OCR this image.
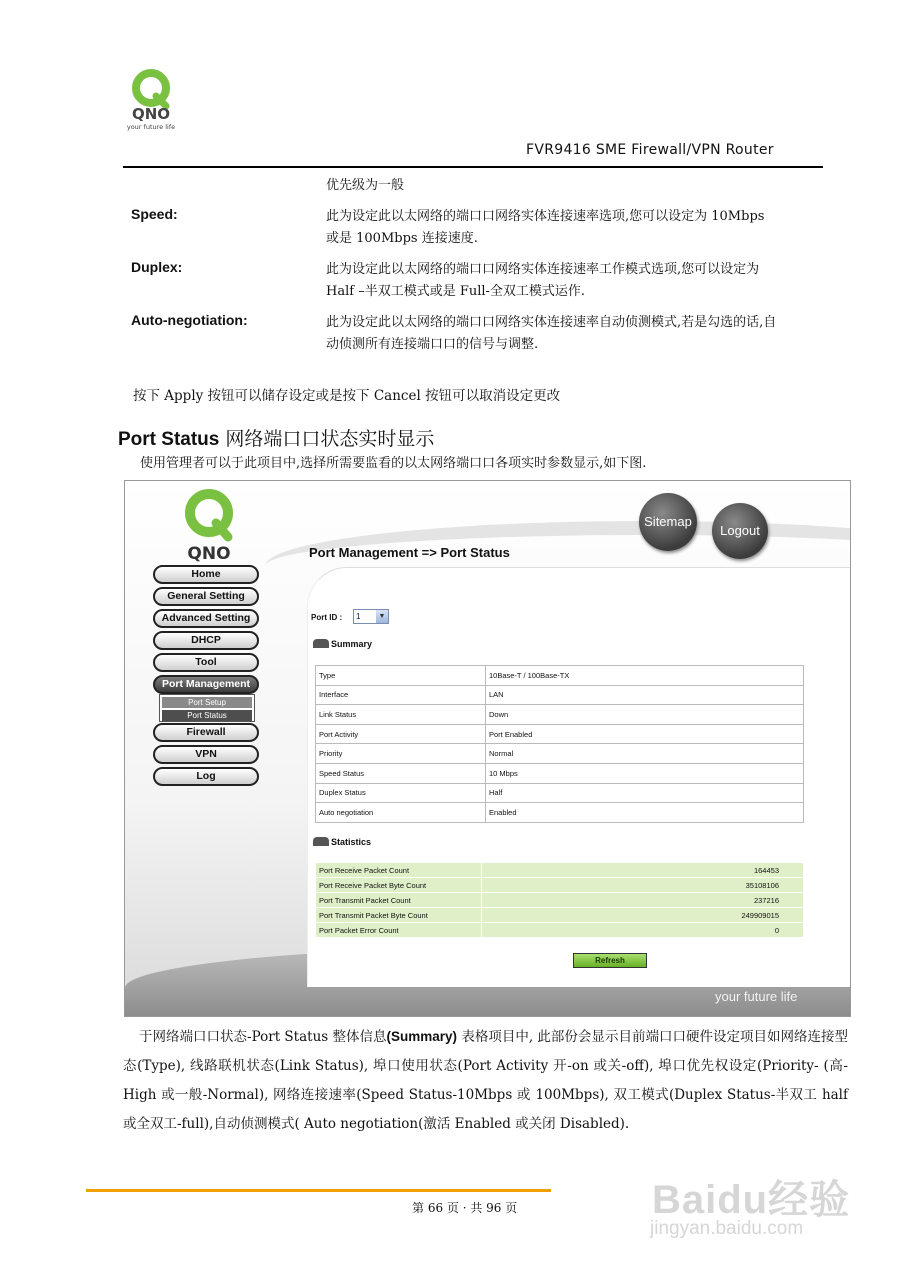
QNO
your future life
FVR9416 SME Firewall/VPN Router
优先级为一般
Speed:	此为设定此以太网络的端口口网络实体连接速率选项,您可以设定为 10Mbps 或是 100Mbps 连接速度.
Duplex:	此为设定此以太网络的端口口网络实体连接速率工作模式选项,您可以设定为 Half –半双工模式或是 Full-全双工模式运作.
Auto-negotiation:	此为设定此以太网络的端口口网络实体连接速率自动侦测模式,若是勾选的话,自动侦测所有连接端口口的信号与调整.
按下 Apply 按钮可以储存设定或是按下 Cancel 按钮可以取消设定更改
Port Status 网络端口口状态实时显示
使用管理者可以于此项目中,选择所需要监看的以太网络端口口各项实时参数显示,如下图.
QNO
Sitemap
Logout
Port Management => Port Status
Home
General Setting
Advanced Setting
DHCP
Tool
Port Management
Port Setup
Port Status
Firewall
VPN
Log
Port ID :	1	▼
Summary
Type	10Base-T / 100Base-TX
Interface	LAN
Link Status	Down
Port Activity	Port Enabled
Priority	Normal
Speed Status	10 Mbps
Duplex Status	Half
Auto negotiation	Enabled
Statistics
Port Receive Packet Count	164453
Port Receive Packet Byte Count	35108106
Port Transmit Packet Count	237216
Port Transmit Packet Byte Count	249909015
Port Packet Error Count	0
Refresh
your future life
于网络端口口状态-Port Status 整体信息(Summary) 表格项目中, 此部份会显示目前端口口硬件设定项目如网络连接型态(Type), 线路联机状态(Link Status), 埠口使用状态(Port Activity 开-on 或关-off), 埠口优先权设定(Priority- (高-High 或一般-Normal), 网络连接速率(Speed Status-10Mbps 或 100Mbps), 双工模式(Duplex Status-半双工 half 或全双工-full),自动侦测模式( Auto negotiation(激活 Enabled 或关闭 Disabled).
第 66 页 · 共 96 页	Baidu经验
jingyan.baidu.com
